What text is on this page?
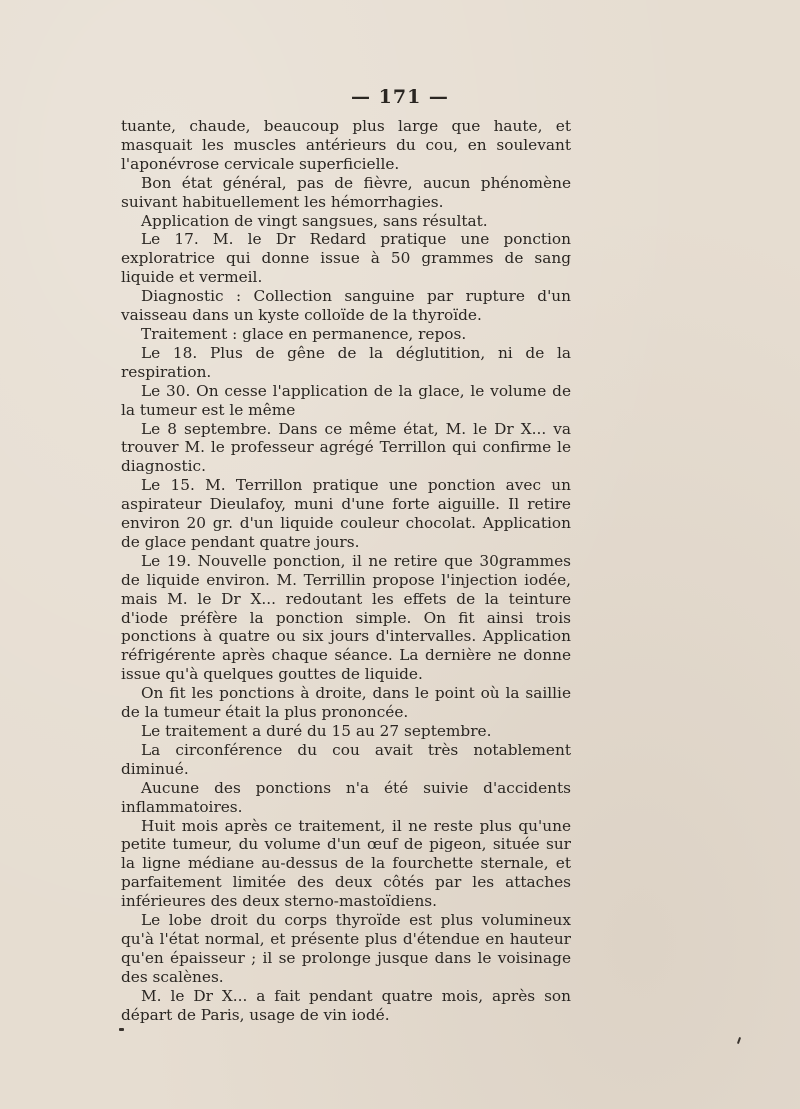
— 171 —

tuante, chaude, beaucoup plus large que haute, et masquait les muscles antérieurs du cou, en soulevant l'aponévrose cervicale superficielle.

Bon état général, pas de fièvre, aucun phénomène suivant habituellement les hémorrhagies.

Application de vingt sangsues, sans résultat.

Le 17. M. le Dr Redard pratique une ponction exploratrice qui donne issue à 50 grammes de sang liquide et vermeil.

Diagnostic : Collection sanguine par rupture d'un vaisseau dans un kyste colloïde de la thyroïde.

Traitement : glace en permanence, repos.

Le 18. Plus de gêne de la déglutition, ni de la respiration.

Le 30. On cesse l'application de la glace, le volume de la tumeur est le même

Le 8 septembre. Dans ce même état, M. le Dr X... va trouver M. le professeur agrégé Terrillon qui confirme le diagnostic.

Le 15. M. Terrillon pratique une ponction avec un aspirateur Dieulafoy, muni d'une forte aiguille. Il retire environ 20 gr. d'un liquide couleur chocolat. Application de glace pendant quatre jours.

Le 19. Nouvelle ponction, il ne retire que 30grammes de liquide environ. M. Terrillin propose l'injection iodée, mais M. le Dr X... redoutant les effets de la teinture d'iode préfère la ponction simple. On fit ainsi trois ponctions à quatre ou six jours d'intervalles. Application réfrigérente après chaque séance. La dernière ne donne issue qu'à quelques gouttes de liquide.

On fit les ponctions à droite, dans le point où la saillie de la tumeur était la plus prononcée.

Le traitement a duré du 15 au 27 septembre.

La circonférence du cou avait très notablement diminué.

Aucune des ponctions n'a été suivie d'accidents inflammatoires.

Huit mois après ce traitement, il ne reste plus qu'une petite tumeur, du volume d'un œuf de pigeon, située sur la ligne médiane au-dessus de la fourchette sternale, et parfaitement limitée des deux côtés par les attaches inférieures des deux sterno-mastoïdiens.

Le lobe droit du corps thyroïde est plus volumineux qu'à l'état normal, et présente plus d'étendue en hauteur qu'en épaisseur ; il se prolonge jusque dans le voisinage des scalènes.

M. le Dr X... a fait pendant quatre mois, après son départ de Paris, usage de vin iodé.
